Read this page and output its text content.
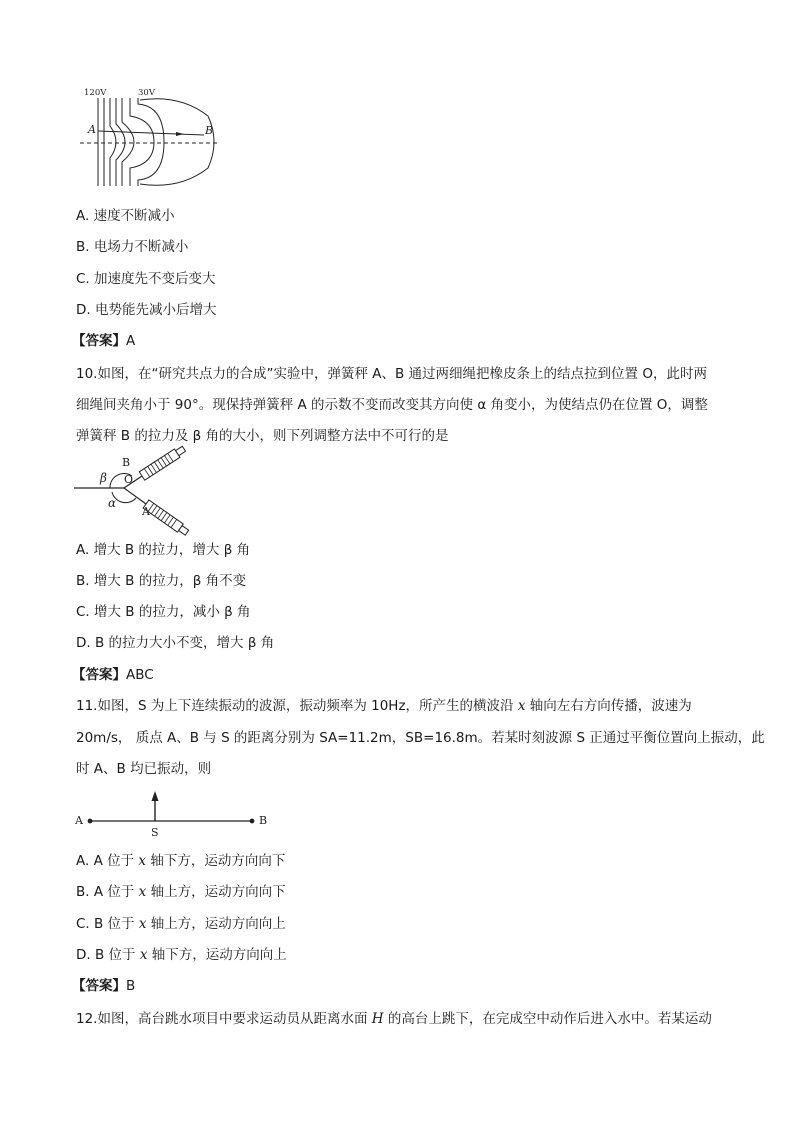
120V	30V
A	B
A. 速度不断减小
B. 电场力不断减小
C. 加速度先不变后变大
D. 电势能先减小后增大
【答案】A
10.如图，在“研究共点力的合成”实验中，弹簧秤 A、B 通过两细绳把橡皮条上的结点拉到位置 O，此时两
细绳间夹角小于 90°。现保持弹簧秤 A 的示数不变而改变其方向使 α 角变小，为使结点仍在位置 O，调整
弹簧秤 B 的拉力及 β 角的大小，则下列调整方法中不可行的是
β
B
O
α
A
A. 增大 B 的拉力，增大 β 角
B. 增大 B 的拉力，β 角不变
C. 增大 B 的拉力，减小 β 角
D. B 的拉力大小不变，增大 β 角
【答案】ABC
11.如图，S 为上下连续振动的波源，振动频率为 10Hz，所产生的横波沿 x 轴向左右方向传播，波速为
20m/s， 质点 A、B 与 S 的距离分别为 SA=11.2m，SB=16.8m。若某时刻波源 S 正通过平衡位置向上振动，此
时 A、B 均已振动，则
A
S
B
A. A 位于 x 轴下方，运动方向向下
B. A 位于 x 轴上方，运动方向向下
C. B 位于 x 轴上方，运动方向向上
D. B 位于 x 轴下方，运动方向向上
【答案】B
12.如图，高台跳水项目中要求运动员从距离水面 H 的高台上跳下，在完成空中动作后进入水中。若某运动
